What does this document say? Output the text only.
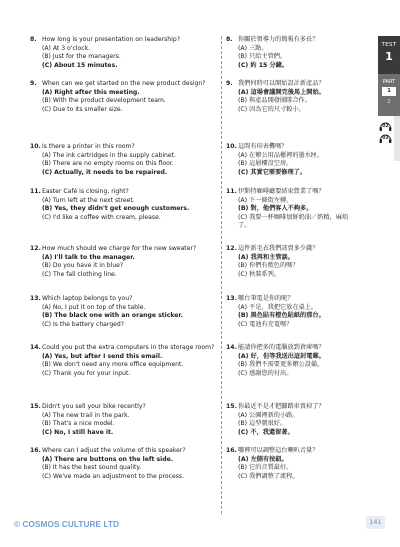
TEST
1
PART
1
2
02
03
8. How long is your presentation on leadership?
(A) At 3 o'clock.
(B) Just for the managers.
(C) About 15 minutes.
9. When can we get started on the new product design?
(A) Right after this meeting.
(B) With the product development team.
(C) Due to its smaller size.
10. Is there a printer in this room?
(A) The ink cartridges in the supply cabinet.
(B) There are no empty rooms on this floor.
(C) Actually, it needs to be repaired.
11. Easter Café is closing, right?
(A) Turn left at the next street.
(B) Yes, they didn't get enough customers.
(C) I'd like a coffee with cream, please.
12. How much should we charge for the new sweater?
(A) I'll talk to the manager.
(B) Do you have it in blue?
(C) The fall clothing line.
13. Which laptop belongs to you?
(A) No, I put it on top of the table.
(B) The black one with an orange sticker.
(C) Is the battery charged?
14. Could you put the extra computers in the storage room?
(A) Yes, but after I send this email.
(B) We don't need any more office equipment.
(C) Thank you for your input.
15. Didn't you sell your bike recently?
(A) The new trail in the park.
(B) That's a nice model.
(C) No, I still have it.
16. Where can I adjust the volume of this speaker?
(A) There are buttons on the left side.
(B) It has the best sound quality.
(C) We've made an adjustment to the process.
8. 你關於領導力的簡報有多長？
(A) 三點。
(B) 只給主管們。
(C) 約 15 分鐘。
9. 我們何時可以開始設計新產品？
(A) 這場會議開完後馬上開始。
(B) 與產品開發團隊合作。
(C) 因為它的尺寸較小。
10. 這間有印表機嗎？
(A) 在辦公用品櫃裡的墨水匣。
(B) 這層樓沒空房。
(C) 其實它需要修理了。
11. 伊斯特咖啡廳要結束營業了嗎？
(A) 下一條街左轉。
(B) 對，他們客人不夠多。
(C) 我要一杯咖啡加鮮奶油／奶精，麻煩了。
12. 這件新毛衣我們該賣多少錢？
(A) 我再和主管談。
(B) 你們有藍色的嗎？
(C) 秋裝系列。
13. 哪台筆電是你的呢？
(A) 不是，我把它放在桌上。
(B) 黑色貼有橙色貼紙的那台。
(C) 電池有充電嗎？
14. 能請你把多的電腦放到倉庫嗎？
(A) 好，但等我送出這封電郵。
(B) 我們不需要更多辦公設備。
(C) 感謝您的付出。
15. 你最近不是才把腳踏車賣掉了？
(A) 公園裡新的小路。
(B) 這型號很好。
(C) 不，我還留著。
16. 哪裡可以調整這台喇叭音量？
(A) 左側有按鈕。
(B) 它的音質最好。
(C) 我們調整了流程。
© COSMOS CULTURE LTD	141
